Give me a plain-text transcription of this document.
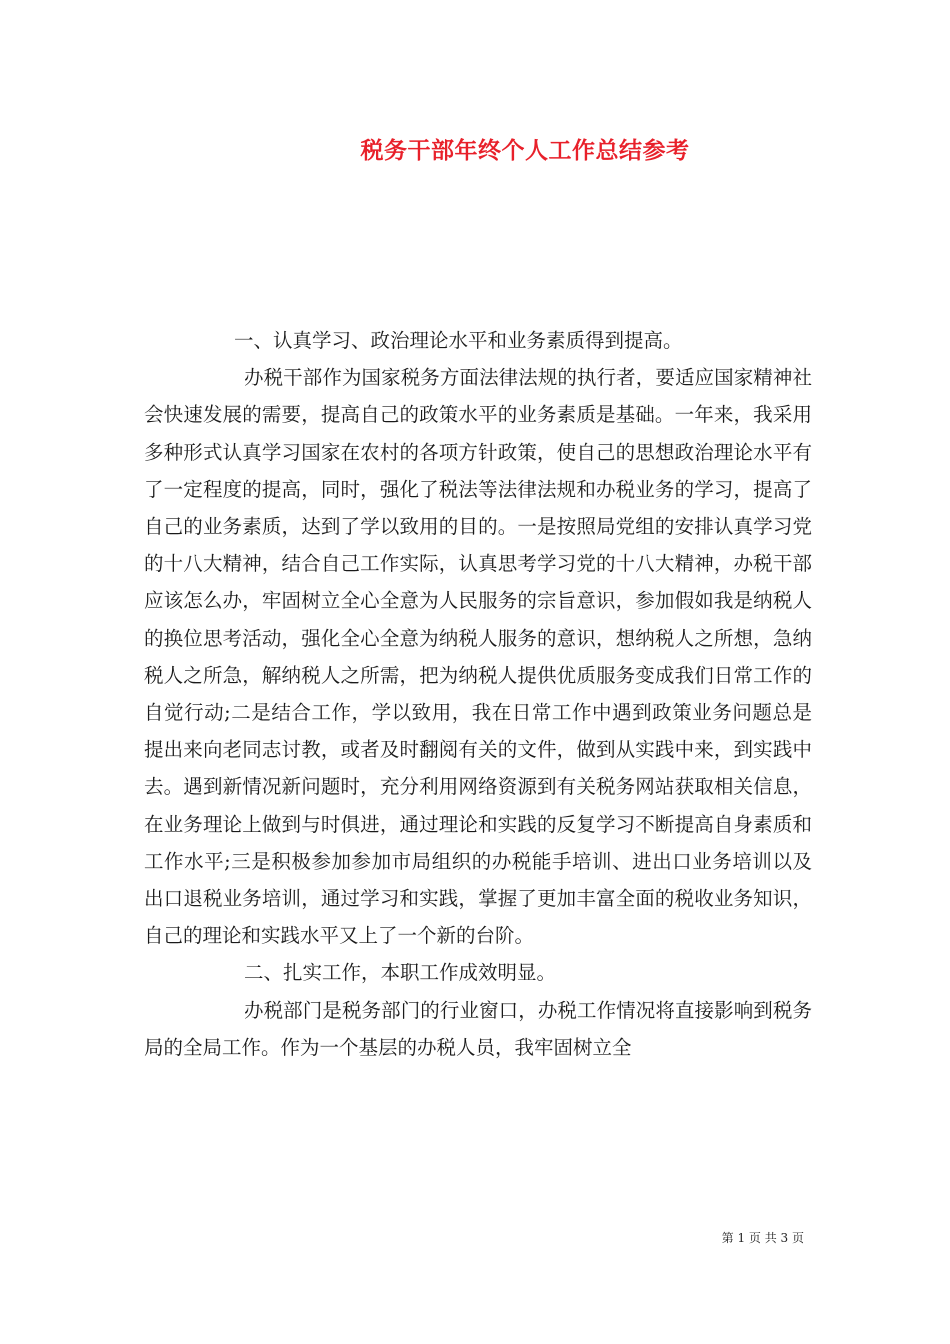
税务干部年终个人工作总结参考

一、认真学习、政治理论水平和业务素质得到提高。

办税干部作为国家税务方面法律法规的执行者，要适应国家精神社会快速发展的需要，提高自己的政策水平的业务素质是基础。一年来，我采用多种形式认真学习国家在农村的各项方针政策，使自己的思想政治理论水平有了一定程度的提高，同时，强化了税法等法律法规和办税业务的学习，提高了自己的业务素质，达到了学以致用的目的。一是按照局党组的安排认真学习党的十八大精神，结合自己工作实际，认真思考学习党的十八大精神，办税干部应该怎么办，牢固树立全心全意为人民服务的宗旨意识，参加假如我是纳税人的换位思考活动，强化全心全意为纳税人服务的意识，想纳税人之所想，急纳税人之所急，解纳税人之所需，把为纳税人提供优质服务变成我们日常工作的自觉行动;二是结合工作，学以致用，我在日常工作中遇到政策业务问题总是提出来向老同志讨教，或者及时翻阅有关的文件，做到从实践中来，到实践中去。遇到新情况新问题时，充分利用网络资源到有关税务网站获取相关信息，在业务理论上做到与时俱进，通过理论和实践的反复学习不断提高自身素质和工作水平;三是积极参加参加市局组织的办税能手培训、进出口业务培训以及出口退税业务培训，通过学习和实践，掌握了更加丰富全面的税收业务知识，自己的理论和实践水平又上了一个新的台阶。

二、扎实工作，本职工作成效明显。

办税部门是税务部门的行业窗口，办税工作情况将直接影响到税务局的全局工作。作为一个基层的办税人员，我牢固树立全

第 1 页 共 3 页
